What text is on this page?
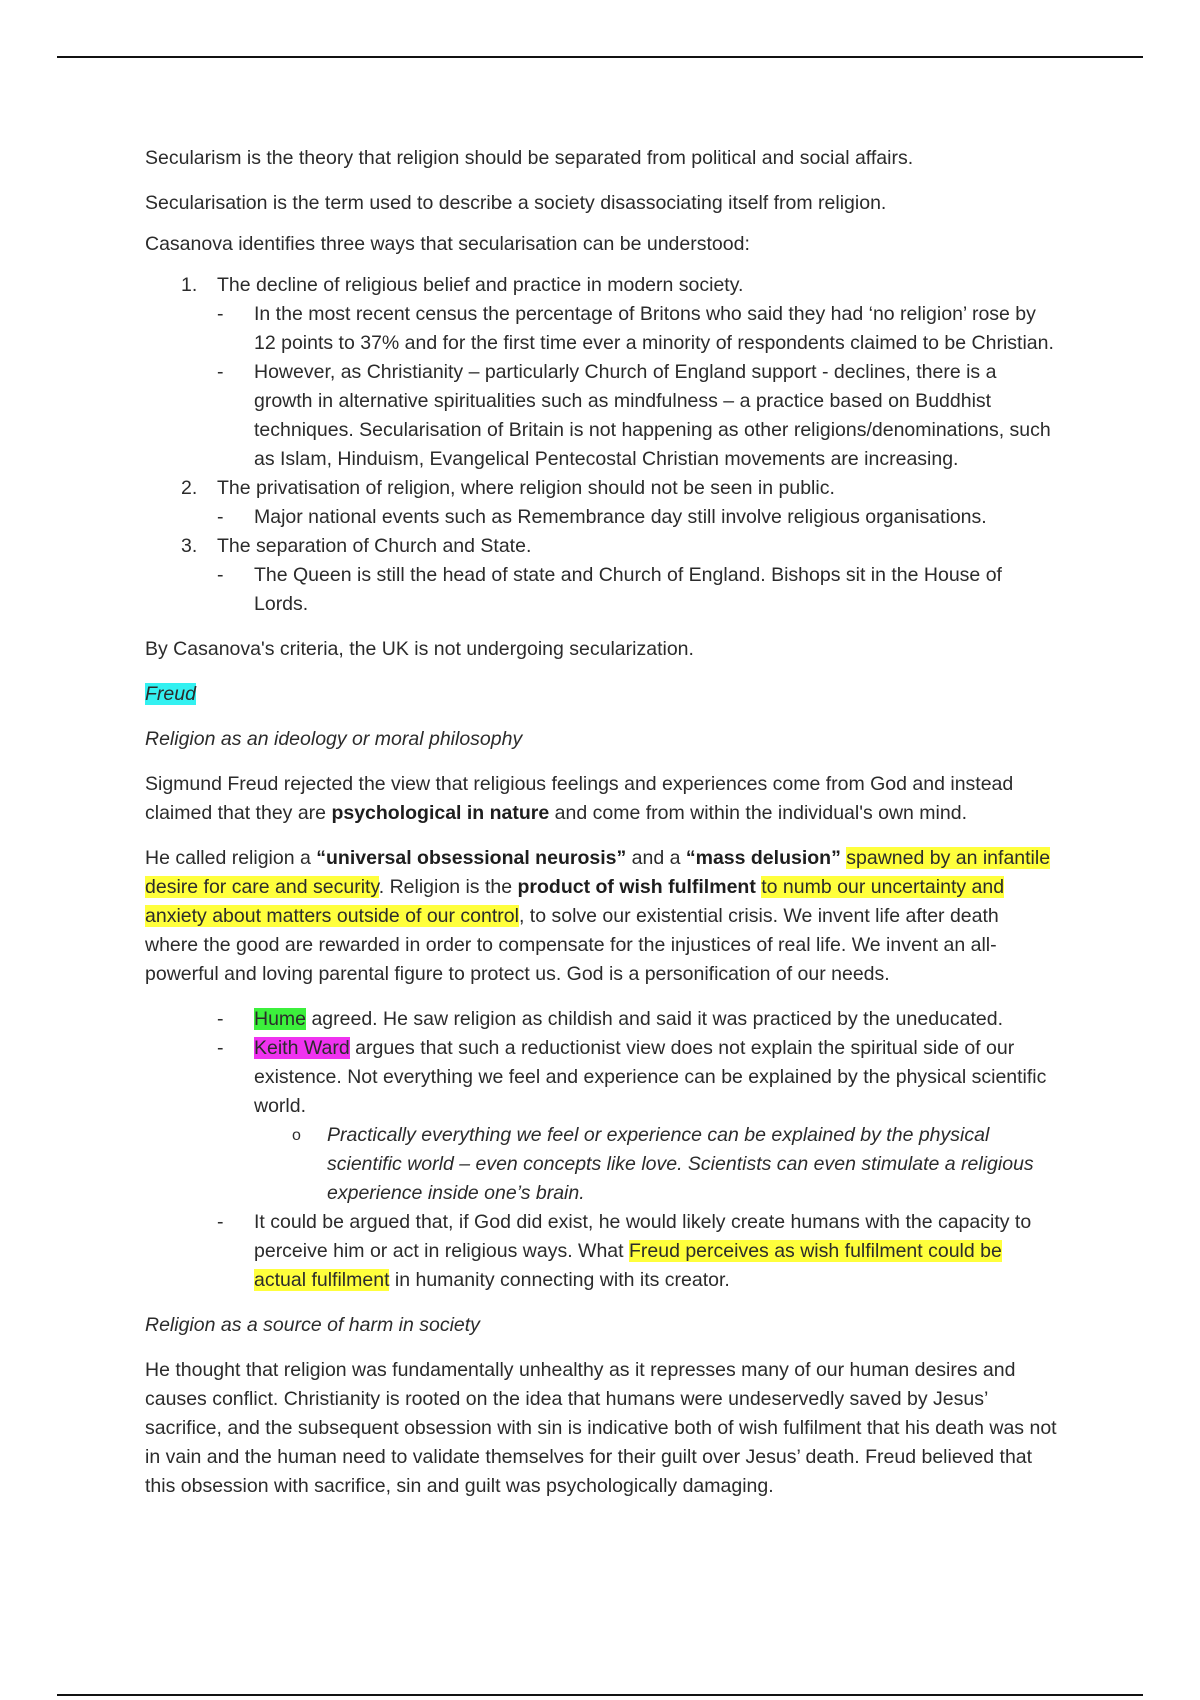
Secularism is the theory that religion should be separated from political and social affairs.

Secularisation is the term used to describe a society disassociating itself from religion.

Casanova identifies three ways that secularisation can be understood:

1. The decline of religious belief and practice in modern society.
- In the most recent census the percentage of Britons who said they had ‘no religion’ rose by 12 points to 37% and for the first time ever a minority of respondents claimed to be Christian.
- However, as Christianity – particularly Church of England support - declines, there is a growth in alternative spiritualities such as mindfulness – a practice based on Buddhist techniques. Secularisation of Britain is not happening as other religions/denominations, such as Islam, Hinduism, Evangelical Pentecostal Christian movements are increasing.
2. The privatisation of religion, where religion should not be seen in public.
- Major national events such as Remembrance day still involve religious organisations.
3. The separation of Church and State.
- The Queen is still the head of state and Church of England. Bishops sit in the House of Lords.

By Casanova's criteria, the UK is not undergoing secularization.

Freud

Religion as an ideology or moral philosophy

Sigmund Freud rejected the view that religious feelings and experiences come from God and instead claimed that they are psychological in nature and come from within the individual's own mind.

He called religion a “universal obsessional neurosis” and a “mass delusion” spawned by an infantile desire for care and security. Religion is the product of wish fulfilment to numb our uncertainty and anxiety about matters outside of our control, to solve our existential crisis. We invent life after death where the good are rewarded in order to compensate for the injustices of real life. We invent an all-powerful and loving parental figure to protect us. God is a personification of our needs.

- Hume agreed. He saw religion as childish and said it was practiced by the uneducated.
- Keith Ward argues that such a reductionist view does not explain the spiritual side of our existence. Not everything we feel and experience can be explained by the physical scientific world.
o Practically everything we feel or experience can be explained by the physical scientific world – even concepts like love. Scientists can even stimulate a religious experience inside one’s brain.
- It could be argued that, if God did exist, he would likely create humans with the capacity to perceive him or act in religious ways. What Freud perceives as wish fulfilment could be actual fulfilment in humanity connecting with its creator.

Religion as a source of harm in society

He thought that religion was fundamentally unhealthy as it represses many of our human desires and causes conflict. Christianity is rooted on the idea that humans were undeservedly saved by Jesus’ sacrifice, and the subsequent obsession with sin is indicative both of wish fulfilment that his death was not in vain and the human need to validate themselves for their guilt over Jesus’ death. Freud believed that this obsession with sacrifice, sin and guilt was psychologically damaging.
